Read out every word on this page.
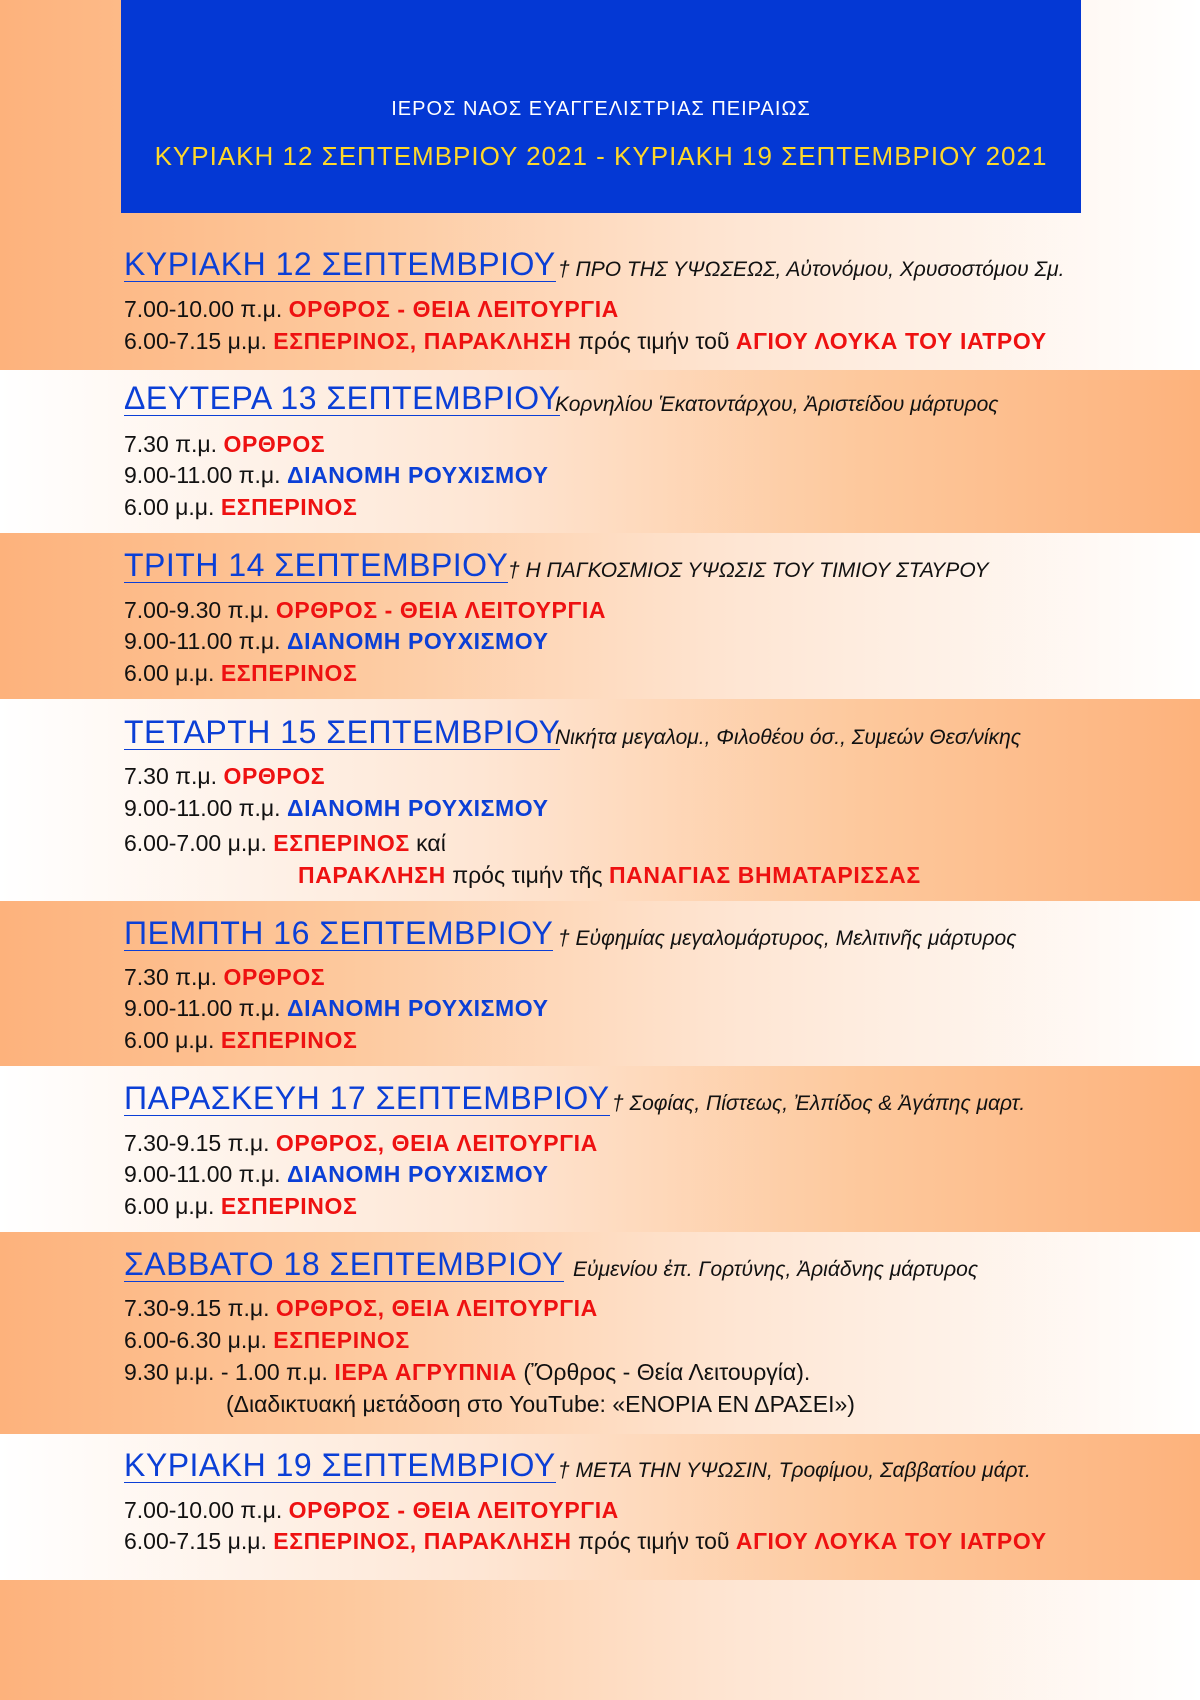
ΙΕΡΟΣ ΝΑΟΣ ΕΥΑΓΓΕΛΙΣΤΡΙΑΣ ΠΕΙΡΑΙΩΣ
ΚΥΡΙΑΚΗ 12 ΣΕΠΤΕΜΒΡΙΟΥ 2021 - ΚΥΡΙΑΚΗ 19 ΣΕΠΤΕΜΒΡΙΟΥ 2021
ΚΥΡΙΑΚΗ 12 ΣΕΠΤΕΜΒΡΙΟΥ † ΠΡΟ ΤΗΣ ΥΨΩΣΕΩΣ, Αὐτονόμου, Χρυσοστόμου Σμ.
7.00-10.00 π.μ. ΟΡΘΡΟΣ - ΘΕΙΑ ΛΕΙΤΟΥΡΓΙΑ
6.00-7.15 μ.μ. ΕΣΠΕΡΙΝΟΣ, ΠΑΡΑΚΛΗΣΗ πρός τιμήν τοῦ ΑΓΙΟΥ ΛΟΥΚΑ ΤΟΥ ΙΑΤΡΟΥ
ΔΕΥΤΕΡΑ 13 ΣΕΠΤΕΜΒΡΙΟΥ
Κορνηλίου Ἑκατοντάρχου, Ἀριστείδου μάρτυρος
7.30 π.μ. ΟΡΘΡΟΣ
9.00-11.00 π.μ. ΔΙΑΝΟΜΗ ΡΟΥΧΙΣΜΟΥ
6.00 μ.μ. ΕΣΠΕΡΙΝΟΣ
ΤΡΙΤΗ 14 ΣΕΠΤΕΜΒΡΙΟΥ † Η ΠΑΓΚΟΣΜΙΟΣ ΥΨΩΣΙΣ ΤΟΥ ΤΙΜΙΟΥ ΣΤΑΥΡΟΥ
7.00-9.30 π.μ. ΟΡΘΡΟΣ - ΘΕΙΑ ΛΕΙΤΟΥΡΓΙΑ
9.00-11.00 π.μ. ΔΙΑΝΟΜΗ ΡΟΥΧΙΣΜΟΥ
6.00 μ.μ. ΕΣΠΕΡΙΝΟΣ
ΤΕΤΑΡΤΗ 15 ΣΕΠΤΕΜΒΡΙΟΥ
Νικήτα μεγαλομ., Φιλοθέου όσ., Συμεών Θεσ/νίκης
7.30 π.μ. ΟΡΘΡΟΣ
9.00-11.00 π.μ. ΔΙΑΝΟΜΗ ΡΟΥΧΙΣΜΟΥ
6.00-7.00 μ.μ. ΕΣΠΕΡΙΝΟΣ καί
ΠΑΡΑΚΛΗΣΗ πρός τιμήν τῆς ΠΑΝΑΓΙΑΣ ΒΗΜΑΤΑΡΙΣΣΑΣ
ΠΕΜΠΤΗ 16 ΣΕΠΤΕΜΒΡΙΟΥ † Εὐφημίας μεγαλομάρτυρος, Μελιτινῆς μάρτυρος
7.30 π.μ. ΟΡΘΡΟΣ
9.00-11.00 π.μ. ΔΙΑΝΟΜΗ ΡΟΥΧΙΣΜΟΥ
6.00 μ.μ. ΕΣΠΕΡΙΝΟΣ
ΠΑΡΑΣΚΕΥΗ 17 ΣΕΠΤΕΜΒΡΙΟΥ † Σοφίας, Πίστεως, Ἐλπίδος & Ἀγάπης μαρτ.
7.30-9.15 π.μ. ΟΡΘΡΟΣ, ΘΕΙΑ ΛΕΙΤΟΥΡΓΙΑ
9.00-11.00 π.μ. ΔΙΑΝΟΜΗ ΡΟΥΧΙΣΜΟΥ
6.00 μ.μ. ΕΣΠΕΡΙΝΟΣ
ΣΑΒΒΑΤΟ 18 ΣΕΠΤΕΜΒΡΙΟΥ Εὐμενίου ἐπ. Γορτύνης, Ἀριάδνης μάρτυρος
7.30-9.15 π.μ. ΟΡΘΡΟΣ, ΘΕΙΑ ΛΕΙΤΟΥΡΓΙΑ
6.00-6.30 μ.μ. ΕΣΠΕΡΙΝΟΣ
9.30 μ.μ. - 1.00 π.μ. ΙΕΡΑ ΑΓΡΥΠΝΙΑ (Ὄρθρος - Θεία Λειτουργία).
(Διαδικτυακή μετάδοση στο YouTube: «ΕΝΟΡΙΑ ΕΝ ΔΡΑΣΕΙ»)
ΚΥΡΙΑΚΗ 19 ΣΕΠΤΕΜΒΡΙΟΥ † ΜΕΤΑ ΤΗΝ ΥΨΩΣΙΝ, Τροφίμου, Σαββατίου μάρτ.
7.00-10.00 π.μ. ΟΡΘΡΟΣ - ΘΕΙΑ ΛΕΙΤΟΥΡΓΙΑ
6.00-7.15 μ.μ. ΕΣΠΕΡΙΝΟΣ, ΠΑΡΑΚΛΗΣΗ πρός τιμήν τοῦ ΑΓΙΟΥ ΛΟΥΚΑ ΤΟΥ ΙΑΤΡΟΥ
